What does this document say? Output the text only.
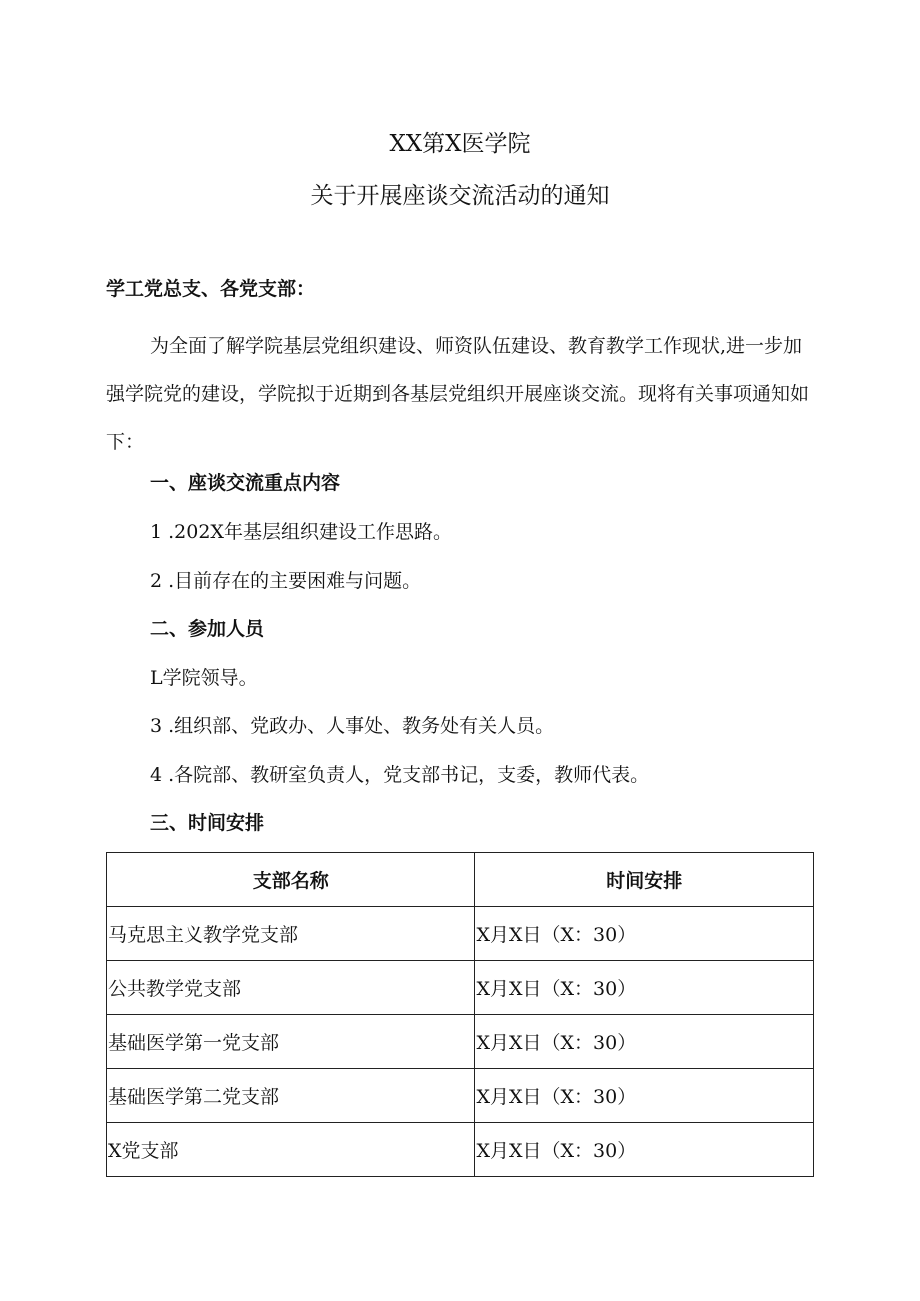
XX第X医学院
关于开展座谈交流活动的通知
学工党总支、各党支部：
为全面了解学院基层党组织建设、师资队伍建设、教育教学工作现状,进一步加强学院党的建设，学院拟于近期到各基层党组织开展座谈交流。现将有关事项通知如下：
一、座谈交流重点内容
1 .202X年基层组织建设工作思路。
2 .目前存在的主要困难与问题。
二、参加人员
L学院领导。
3 .组织部、党政办、人事处、教务处有关人员。
4 .各院部、教研室负责人，党支部书记，支委，教师代表。
三、时间安排
支部名称	时间安排
马克思主义教学党支部	X月X日（X：30）
公共教学党支部	X月X日（X：30）
基础医学第一党支部	X月X日（X：30）
基础医学第二党支部	X月X日（X：30）
X党支部	X月X日（X：30）
